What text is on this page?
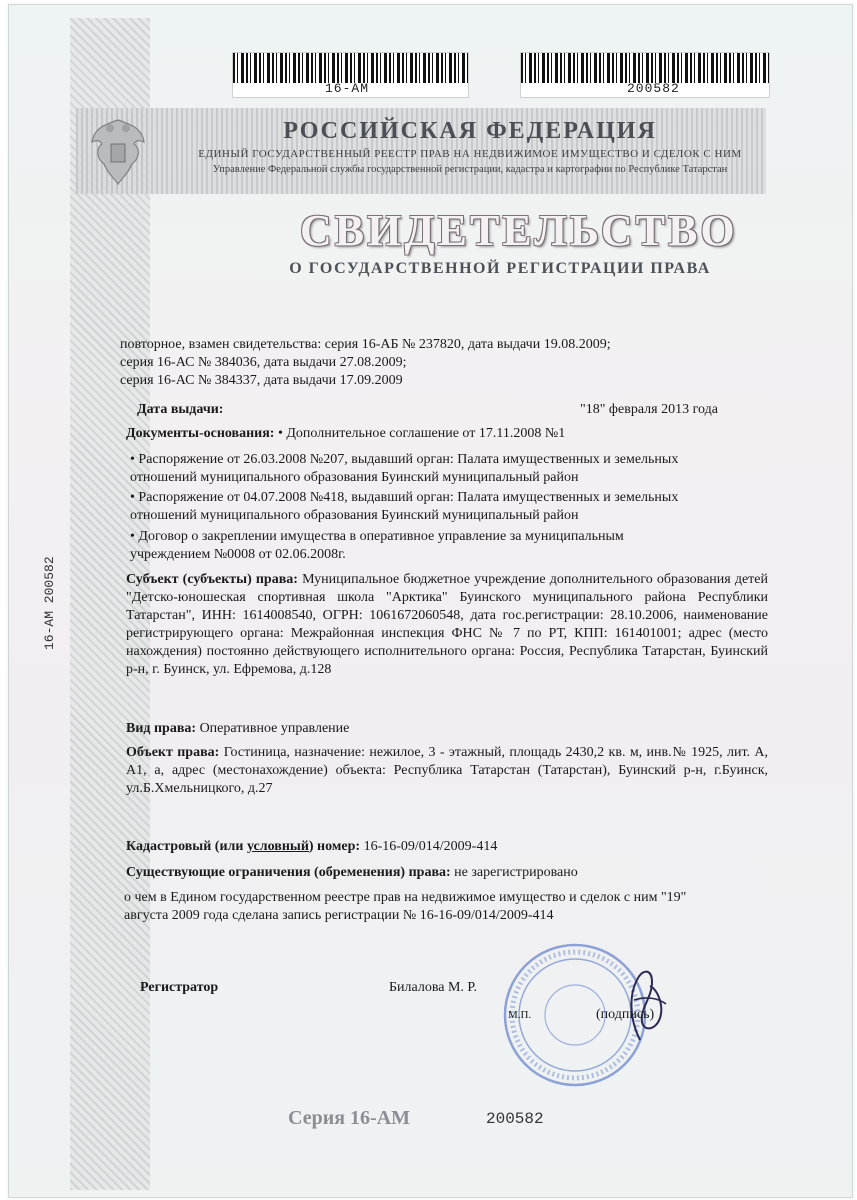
16-АМ	200582
РОССИЙСКАЯ ФЕДЕРАЦИЯ
ЕДИНЫЙ ГОСУДАРСТВЕННЫЙ РЕЕСТР ПРАВ НА НЕДВИЖИМОЕ ИМУЩЕСТВО И СДЕЛОК С НИМ
Управление Федеральной службы государственной регистрации, кадастра и картографии по Республике Татарстан
СВИДЕТЕЛЬСТВО
О ГОСУДАРСТВЕННОЙ РЕГИСТРАЦИИ ПРАВА
16-АМ 200582
повторное, взамен свидетельства: серия 16-АБ № 237820, дата выдачи 19.08.2009;
серия 16-АС № 384036, дата выдачи 27.08.2009;
серия 16-АС № 384337, дата выдачи 17.09.2009
Дата выдачи:	"18" февраля 2013 года
Документы-основания: • Дополнительное соглашение от 17.11.2008 №1
• Распоряжение от 26.03.2008 №207, выдавший орган: Палата имущественных и земельных
отношений муниципального образования Буинский муниципальный район
• Распоряжение от 04.07.2008 №418, выдавший орган: Палата имущественных и земельных
отношений муниципального образования Буинский муниципальный район
• Договор о закреплении имущества в оперативное управление за муниципальным
учреждением №0008 от 02.06.2008г.
Субъект (субъекты) права: Муниципальное бюджетное учреждение дополнительного образования детей "Детско-юношеская спортивная школа "Арктика" Буинского муниципального района Республики Татарстан", ИНН: 1614008540, ОГРН: 1061672060548, дата гос.регистрации: 28.10.2006, наименование регистрирующего органа: Межрайонная инспекция ФНС № 7 по РТ, КПП: 161401001; адрес (место нахождения) постоянно действующего исполнительного органа: Россия, Республика Татарстан, Буинский р-н, г. Буинск, ул. Ефремова, д.128
Вид права: Оперативное управление
Объект права: Гостиница, назначение: нежилое, 3 - этажный, площадь 2430,2 кв. м, инв.№ 1925, лит. А, А1, а, адрес (местонахождение) объекта: Республика Татарстан (Татарстан), Буинский р-н, г.Буинск, ул.Б.Хмельницкого, д.27
Кадастровый (или условный) номер: 16-16-09/014/2009-414
Существующие ограничения (обременения) права: не зарегистрировано
о чем в Едином государственном реестре прав на недвижимое имущество и сделок с ним "19"
августа 2009 года сделана запись регистрации № 16-16-09/014/2009-414
Регистратор	Билалова М. Р.
М.П.	(подпись)
Серия 16-АМ	200582
